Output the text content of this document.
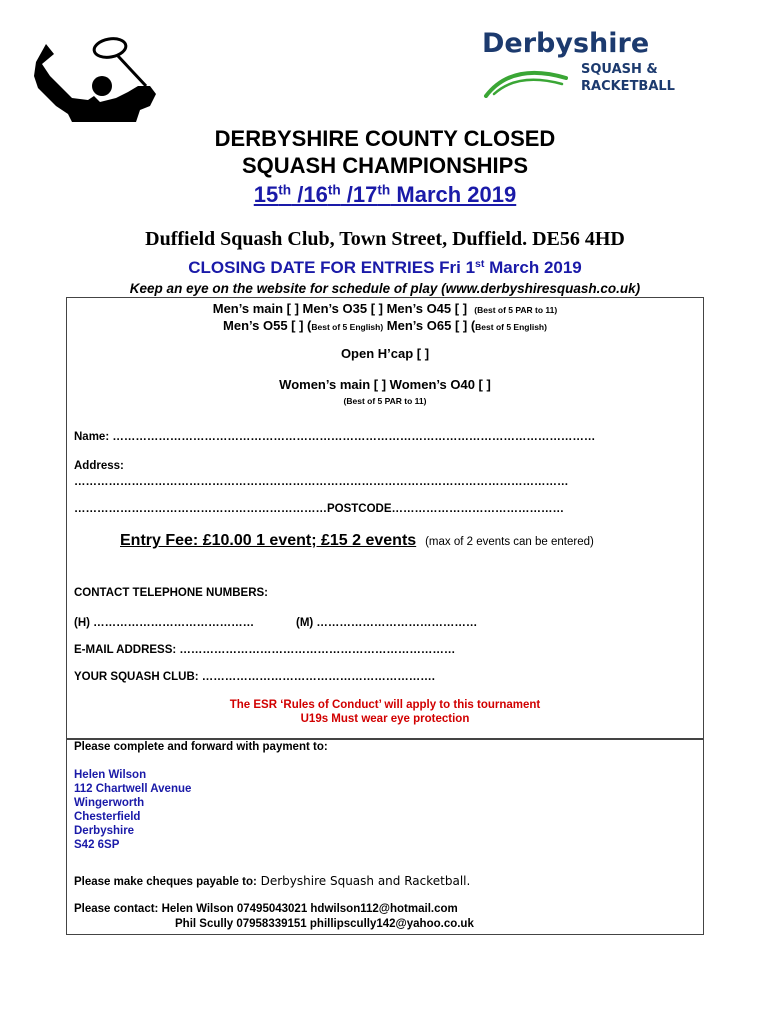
Derbyshire
SQUASH &
RACKETBALL
DERBYSHIRE COUNTY CLOSED
SQUASH CHAMPIONSHIPS
15th /16th /17th March 2019
Duffield Squash Club, Town Street, Duffield. DE56 4HD
CLOSING DATE FOR ENTRIES Fri 1st March 2019
Keep an eye on the website for schedule of play (www.derbyshiresquash.co.uk)
Men’s main [ ] Men’s O35 [ ] Men’s O45 [ ] (Best of 5 PAR to 11)
Men’s O55 [ ] (Best of 5 English) Men’s O65 [ ] (Best of 5 English)
Open H’cap [ ]
Women’s main [ ] Women’s O40 [ ]
(Best of 5 PAR to 11)
Name: ………………………………………………………………………………………………………………
Address:
…………………………………………………………………………………………………………………
…………………………………………………………POSTCODE………………………………………
Entry Fee: £10.00 1 event; £15 2 events (max of 2 events can be entered)
CONTACT TELEPHONE NUMBERS:
(H) ……………………………………	(M) ……………………………………
E-MAIL ADDRESS: ………………………………………………………………
YOUR SQUASH CLUB: …………………………………………………….
The ESR ‘Rules of Conduct’ will apply to this tournament
U19s Must wear eye protection
Please complete and forward with payment to:
Helen Wilson
112 Chartwell Avenue
Wingerworth
Chesterfield
Derbyshire
S42 6SP
Please make cheques payable to: Derbyshire Squash and Racketball.
Please contact: Helen Wilson 07495043021 hdwilson112@hotmail.com
Phil Scully 07958339151 phillipscully142@yahoo.co.uk
